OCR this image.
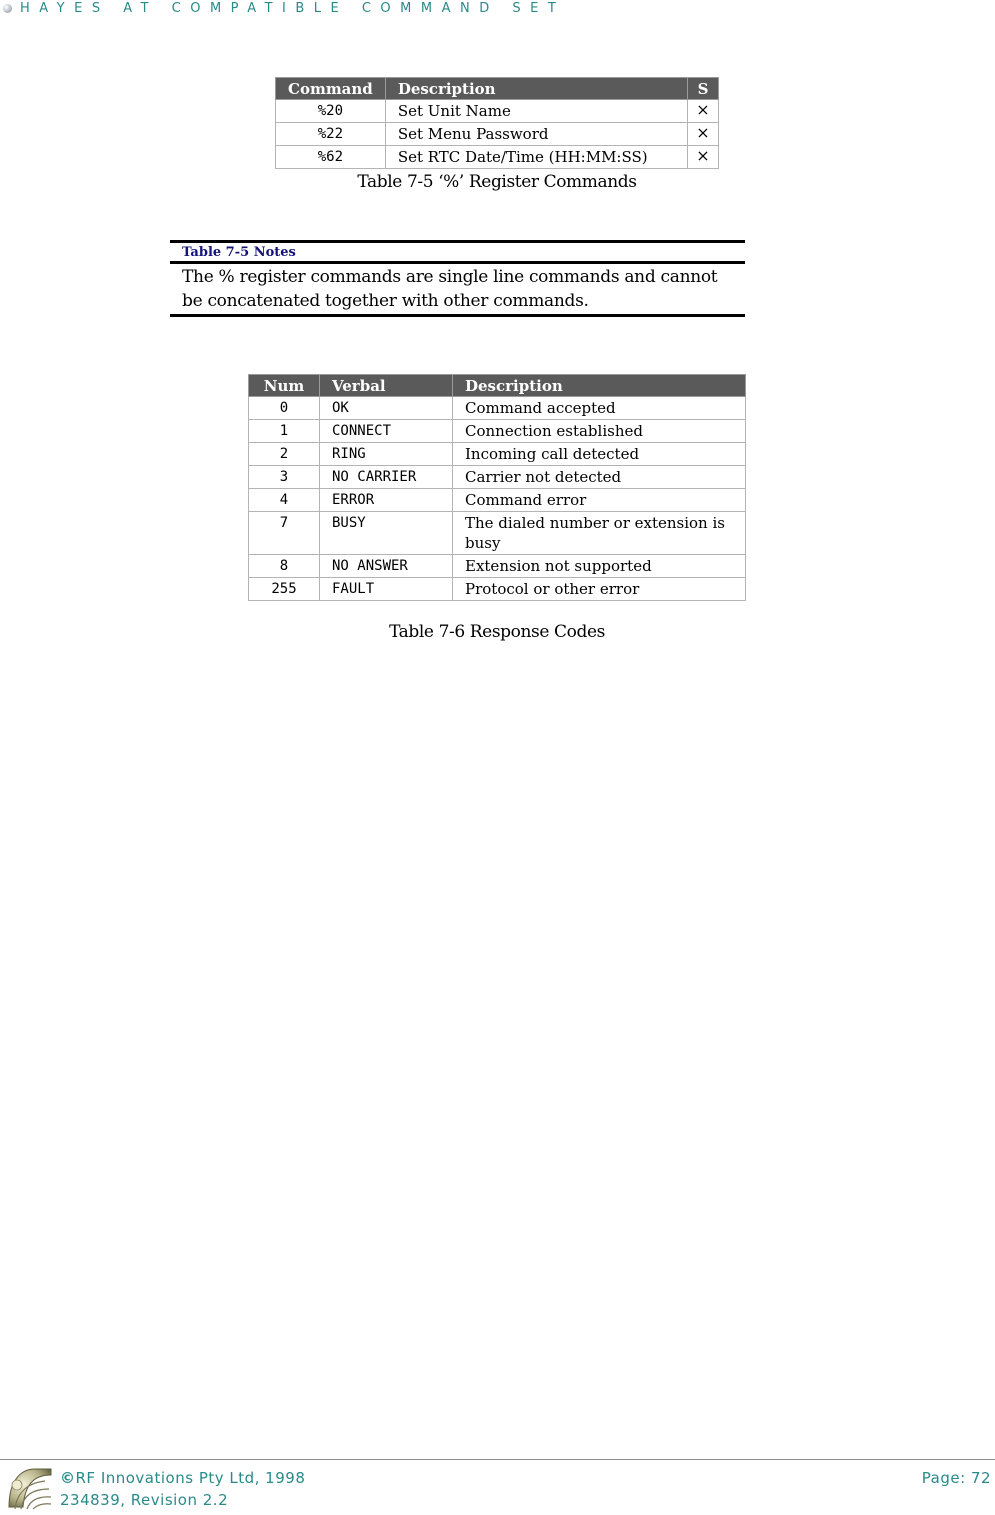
HAYES AT COMPATIBLE COMMAND SET
Command	Description	S
%20	Set Unit Name	×
%22	Set Menu Password	×
%62	Set RTC Date/Time (HH:MM:SS)	×
Table 7-5 ‘%’ Register Commands
Table 7-5 Notes
The % register commands are single line commands and cannot be concatenated together with other commands.
Num	Verbal	Description
0	OK	Command accepted
1	CONNECT	Connection established
2	RING	Incoming call detected
3	NO CARRIER	Carrier not detected
4	ERROR	Command error
7	BUSY	The dialed number or extension is busy
8	NO ANSWER	Extension not supported
255	FAULT	Protocol or other error
Table 7-6 Response Codes
©RF Innovations Pty Ltd, 1998
234839, Revision 2.2
Page: 72
